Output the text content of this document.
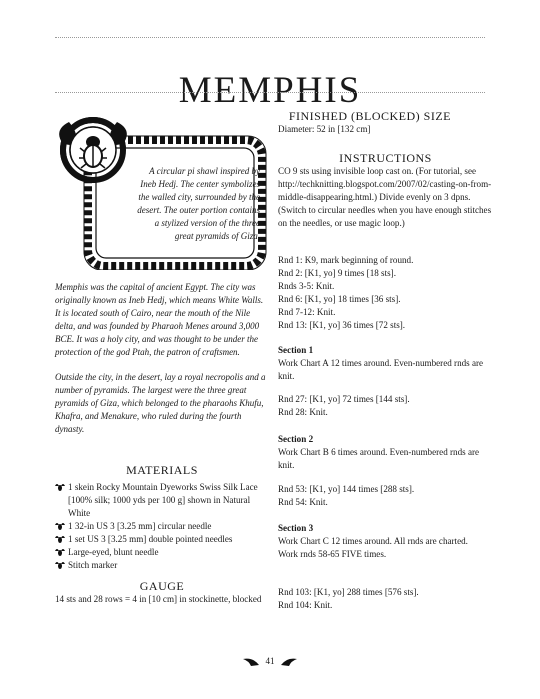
MEMPHIS
A circular pi shawl inspired by Ineb Hedj. The center symbolizes the walled city, surrounded by the desert. The outer portion contains a stylized version of the three great pyramids of Giza.

Memphis was the capital of ancient Egypt. The city was originally known as Ineb Hedj, which means White Walls. It is located south of Cairo, near the mouth of the Nile delta, and was founded by Pharaoh Menes around 3,000 BCE. It was a holy city, and was thought to be under the protection of the god Ptah, the patron of craftsmen.

Outside the city, in the desert, lay a royal necropolis and a number of pyramids. The largest were the three great pyramids of Giza, which belonged to the pharaohs Khufu, Khafra, and Menakure, who ruled during the fourth dynasty.

MATERIALS
1 skein Rocky Mountain Dyeworks Swiss Silk Lace [100% silk; 1000 yds per 100 g] shown in Natural White
1 32-in US 3 [3.25 mm] circular needle
1 set US 3 [3.25 mm] double pointed needles
Large-eyed, blunt needle
Stitch marker
GAUGE
14 sts and 28 rows = 4 in [10 cm] in stockinette, blocked
FINISHED (BLOCKED) SIZE

Diameter: 52 in [132 cm]

INSTRUCTIONS

CO 9 sts using invisible loop cast on. (For tutorial, see http://techknitting.blogspot.com/2007/02/casting-on-from-middle-disappearing.html.) Divide evenly on 3 dpns. (Switch to circular needles when you have enough stitches on the needles, or use magic loop.)

Rnd 1: K9, mark beginning of round.

Rnd 2: [K1, yo] 9 times [18 sts].

Rnds 3-5: Knit.

Rnd 6: [K1, yo] 18 times [36 sts].

Rnd 7-12: Knit.

Rnd 13: [K1, yo] 36 times [72 sts].

Section 1

Work Chart A 12 times around. Even-numbered rnds are knit.

Rnd 27: [K1, yo] 72 times [144 sts].

Rnd 28: Knit.

Section 2

Work Chart B 6 times around. Even-numbered rnds are knit.

Rnd 53: [K1, yo] 144 times [288 sts].

Rnd 54: Knit.

Section 3

Work Chart C 12 times around. All rnds are charted.

Work rnds 58-65 FIVE times.

Rnd 103: [K1, yo] 288 times [576 sts].

Rnd 104: Knit.

41
